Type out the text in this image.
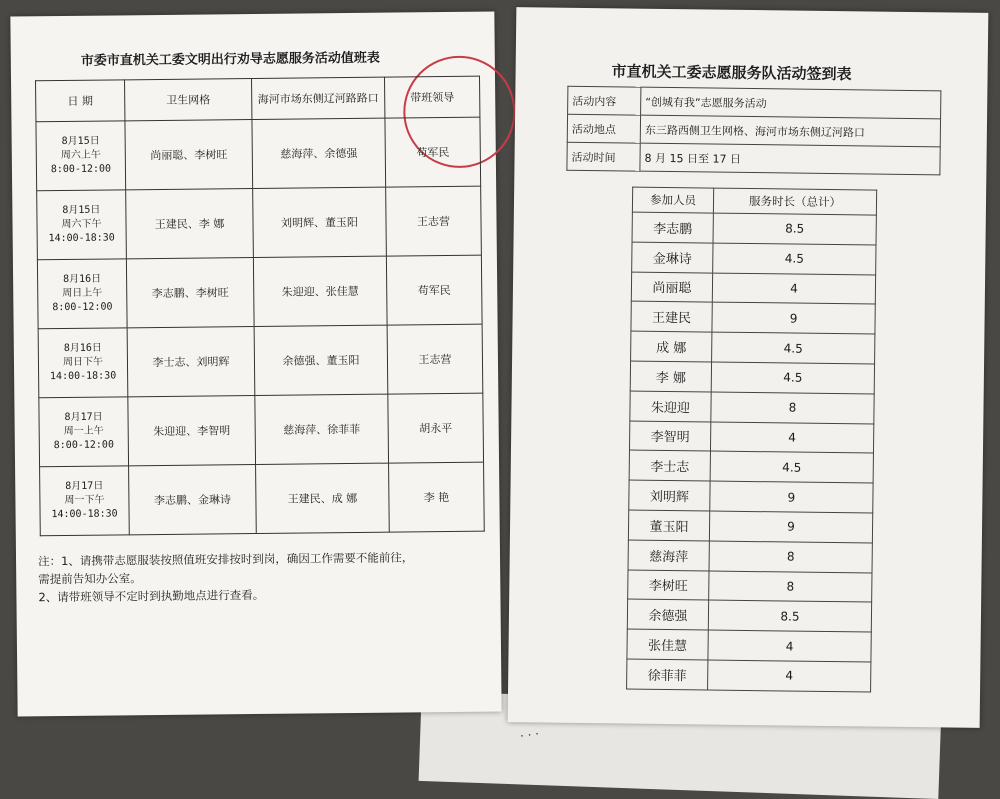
· · ·
市委市直机关工委文明出行劝导志愿服务活动值班表
日 期	卫生网格	海河市场东侧辽河路路口	带班领导

8月15日
周六上午
8:00-12:00	尚丽聪、李树旺	慈海萍、余德强	苟军民

8月15日
周六下午
14:00-18:30	王建民、李 娜	刘明辉、董玉阳	王志营

8月16日
周日上午
8:00-12:00	李志鹏、李树旺	朱迎迎、张佳慧	苟军民

8月16日
周日下午
14:00-18:30	李士志、刘明辉	余德强、董玉阳	王志营

8月17日
周一上午
8:00-12:00	朱迎迎、李智明	慈海萍、徐菲菲	胡永平

8月17日
周一下午
14:00-18:30	李志鹏、金琳诗	王建民、成 娜	李 艳
注：1、请携带志愿服装按照值班安排按时到岗，确因工作需要不能前往，
需提前告知办公室。
2、请带班领导不定时到执勤地点进行查看。
市直机关工委志愿服务队活动签到表
活动内容	“创城有我”志愿服务活动
活动地点	东三路西侧卫生网格、海河市场东侧辽河路口
活动时间	8 月 15 日至 17 日
参加人员	服务时长（总计）
李志鹏	8.5
金琳诗	4.5
尚丽聪	4
王建民	9
成 娜	4.5
李 娜	4.5
朱迎迎	8
李智明	4
李士志	4.5
刘明辉	9
董玉阳	9
慈海萍	8
李树旺	8
余德强	8.5
张佳慧	4
徐菲菲	4
